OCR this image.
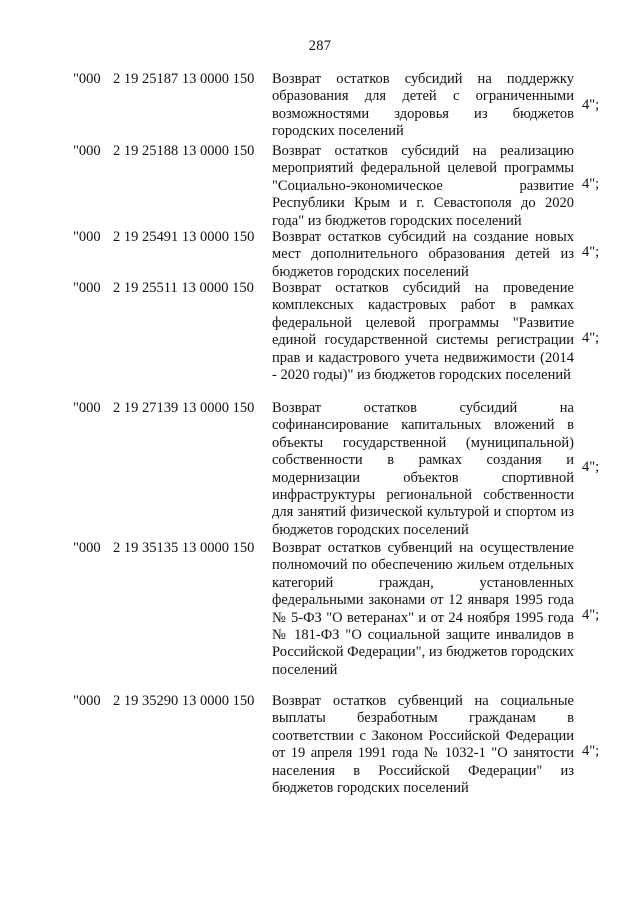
287
"000 2 19 25187 13 0000 150 Возврат остатков субсидий на поддержку образования для детей с ограниченными возможностями здоровья из бюджетов городских поселений
4";
"000 2 19 25188 13 0000 150 Возврат остатков субсидий на реализацию мероприятий федеральной целевой программы "Социально-экономическое развитие Республики Крым и г. Севастополя до 2020 года" из бюджетов городских поселений
4";
"000 2 19 25491 13 0000 150 Возврат остатков субсидий на создание новых мест дополнительного образования детей из бюджетов городских поселений
4";
"000 2 19 25511 13 0000 150 Возврат остатков субсидий на проведение комплексных кадастровых работ в рамках федеральной целевой программы "Развитие единой государственной системы регистрации прав и кадастрового учета недвижимости (2014 - 2020 годы)" из бюджетов городских поселений
4";
"000 2 19 27139 13 0000 150 Возврат остатков субсидий на софинансирование капитальных вложений в объекты государственной (муниципальной) собственности в рамках создания и модернизации объектов спортивной инфраструктуры региональной собственности для занятий физической культурой и спортом из бюджетов городских поселений
4";
"000 2 19 35135 13 0000 150 Возврат остатков субвенций на осуществление полномочий по обеспечению жильем отдельных категорий граждан, установленных федеральными законами от 12 января 1995 года № 5-ФЗ "О ветеранах" и от 24 ноября 1995 года № 181-ФЗ "О социальной защите инвалидов в Российской Федерации", из бюджетов городских поселений
4";
"000 2 19 35290 13 0000 150 Возврат остатков субвенций на социальные выплаты безработным гражданам в соответствии с Законом Российской Федерации от 19 апреля 1991 года № 1032-1 "О занятости населения в Российской Федерации" из бюджетов городских поселений
4";
